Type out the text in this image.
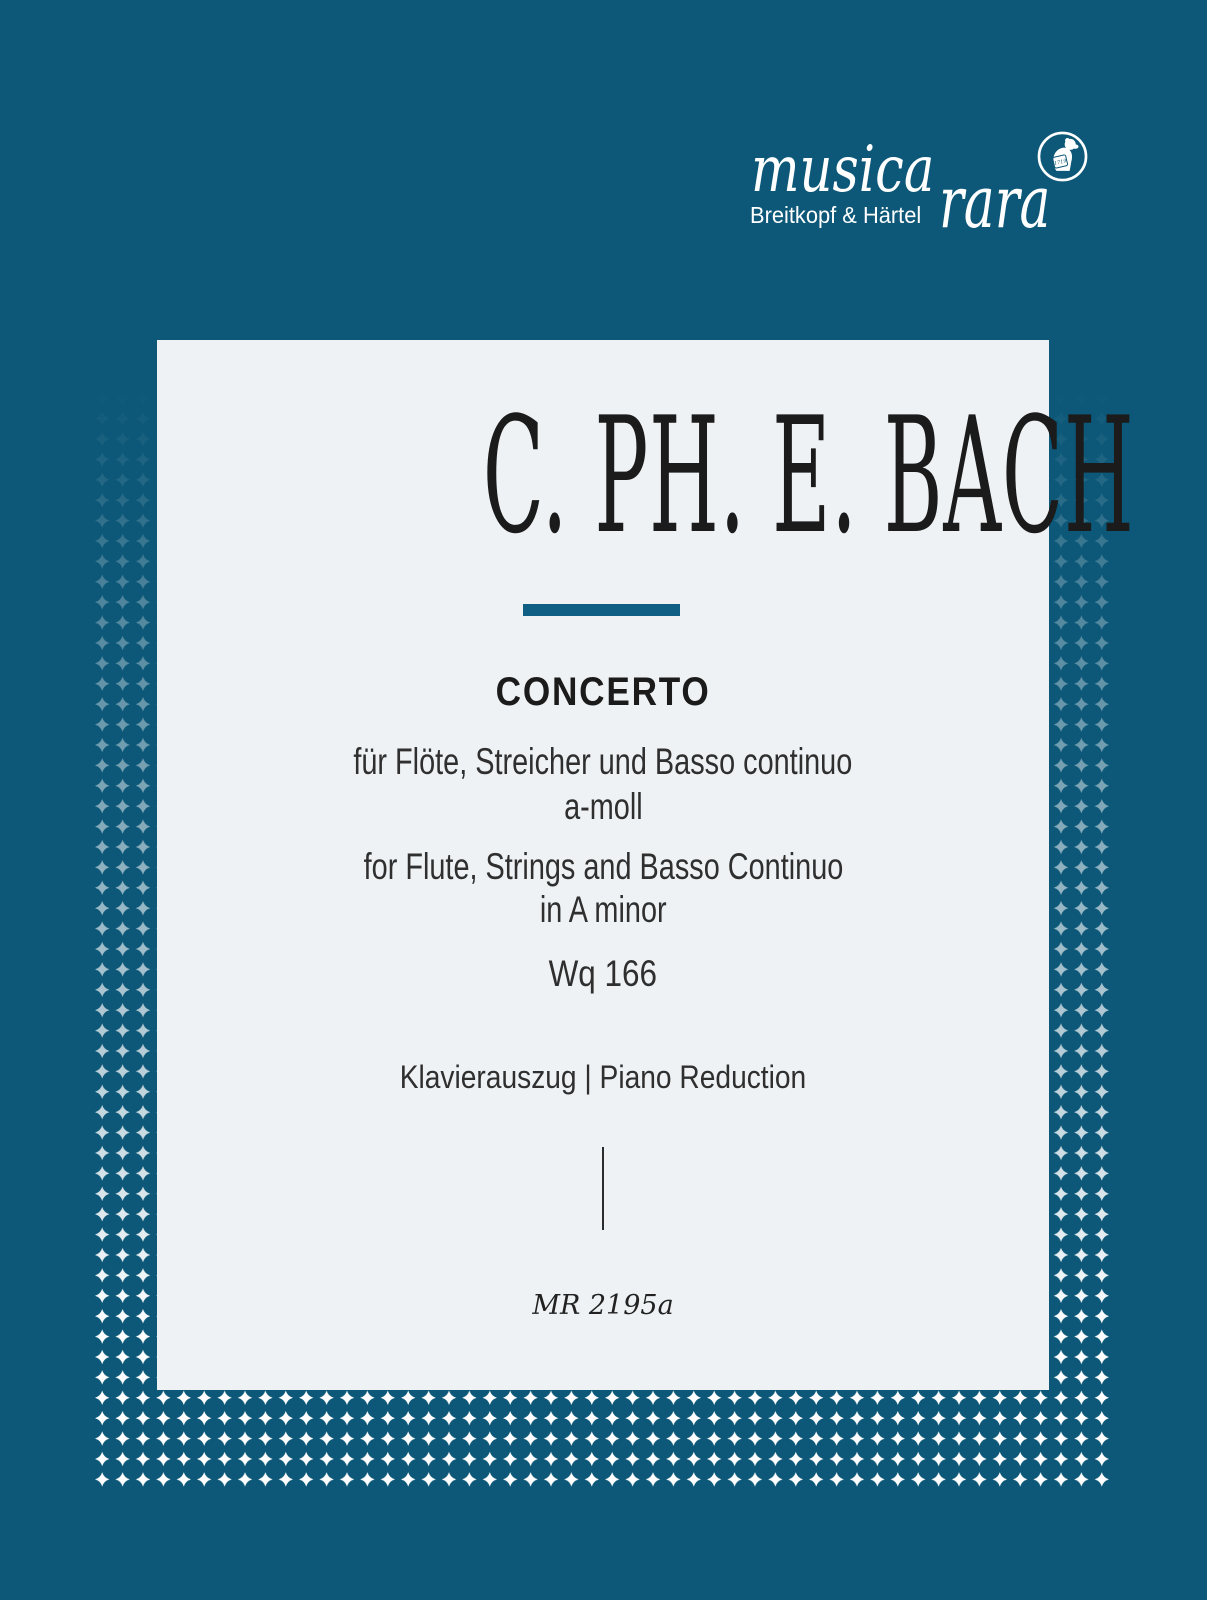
musica rara
Breitkopf & Härtel
1719
C. PH. E. BACH
CONCERTO
für Flöte, Streicher und Basso continuo
a-moll
for Flute, Strings and Basso Continuo
in A minor
Wq 166
Klavierauszug | Piano Reduction
MR 2195a
